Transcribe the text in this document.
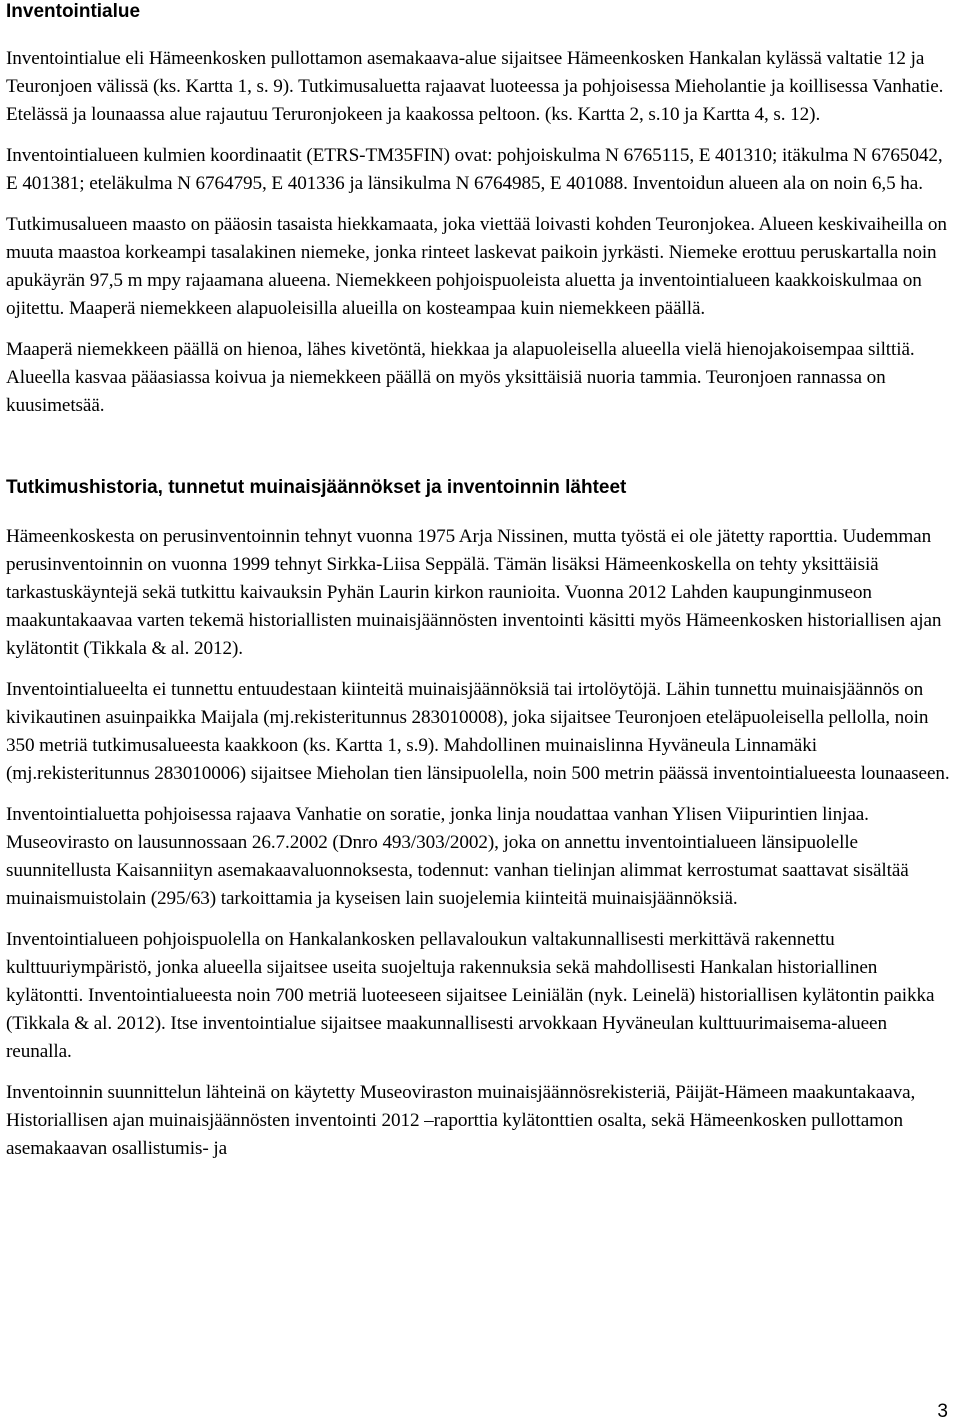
Inventointialue

Inventointialue eli Hämeenkosken pullottamon asemakaava-alue sijaitsee Hämeenkosken Hankalan kylässä valtatie 12 ja Teuronjoen välissä (ks. Kartta 1, s. 9). Tutkimusaluetta rajaavat luoteessa ja pohjoisessa Mieholantie ja koillisessa Vanhatie. Etelässä ja lounaassa alue rajautuu Teruronjokeen ja kaakossa peltoon. (ks. Kartta 2, s.10 ja Kartta 4, s. 12).

Inventointialueen kulmien koordinaatit (ETRS-TM35FIN) ovat: pohjoiskulma N 6765115, E 401310; itäkulma N 6765042, E 401381; eteläkulma N 6764795, E 401336 ja länsikulma N 6764985, E 401088. Inventoidun alueen ala on noin 6,5 ha.

Tutkimusalueen maasto on pääosin tasaista hiekkamaata, joka viettää loivasti kohden Teuronjokea. Alueen keskivaiheilla on muuta maastoa korkeampi tasalakinen niemeke, jonka rinteet laskevat paikoin jyrkästi. Niemeke erottuu peruskartalla noin apukäyrän 97,5 m mpy rajaamana alueena. Niemekkeen pohjoispuoleista aluetta ja inventointialueen kaakkoiskulmaa on ojitettu. Maaperä niemekkeen alapuoleisilla alueilla on kosteampaa kuin niemekkeen päällä.

Maaperä niemekkeen päällä on hienoa, lähes kivetöntä, hiekkaa ja alapuoleisella alueella vielä hienojakoisempaa silttiä. Alueella kasvaa pääasiassa koivua ja niemekkeen päällä on myös yksittäisiä nuoria tammia. Teuronjoen rannassa on kuusimetsää.

Tutkimushistoria, tunnetut muinaisjäännökset ja inventoinnin lähteet

Hämeenkoskesta on perusinventoinnin tehnyt vuonna 1975 Arja Nissinen, mutta työstä ei ole jätetty raporttia. Uudemman perusinventoinnin on vuonna 1999 tehnyt Sirkka-Liisa Seppälä. Tämän lisäksi Hämeenkoskella on tehty yksittäisiä tarkastuskäyntejä sekä tutkittu kaivauksin Pyhän Laurin kirkon raunioita. Vuonna 2012 Lahden kaupunginmuseon maakuntakaavaa varten tekemä historiallisten muinaisjäännösten inventointi käsitti myös Hämeenkosken historiallisen ajan kylätontit (Tikkala & al. 2012).

Inventointialueelta ei tunnettu entuudestaan kiinteitä muinaisjäännöksiä tai irtolöytöjä. Lähin tunnettu muinaisjäännös on kivikautinen asuinpaikka Maijala (mj.rekisteritunnus 283010008), joka sijaitsee Teuronjoen eteläpuoleisella pellolla, noin 350 metriä tutkimusalueesta kaakkoon (ks. Kartta 1, s.9). Mahdollinen muinaislinna Hyväneula Linnamäki (mj.rekisteritunnus 283010006) sijaitsee Mieholan tien länsipuolella, noin 500 metrin päässä inventointialueesta lounaaseen.

Inventointialuetta pohjoisessa rajaava Vanhatie on soratie, jonka linja noudattaa vanhan Ylisen Viipurintien linjaa. Museovirasto on lausunnossaan 26.7.2002 (Dnro 493/303/2002), joka on annettu inventointialueen länsipuolelle suunnitellusta Kaisanniityn asemakaavaluonnoksesta, todennut: vanhan tielinjan alimmat kerrostumat saattavat sisältää muinaismuistolain (295/63) tarkoittamia ja kyseisen lain suojelemia kiinteitä muinaisjäännöksiä.

Inventointialueen pohjoispuolella on Hankalankosken pellavaloukun valtakunnallisesti merkittävä rakennettu kulttuuriympäristö, jonka alueella sijaitsee useita suojeltuja rakennuksia sekä mahdollisesti Hankalan historiallinen kylätontti. Inventointialueesta noin 700 metriä luoteeseen sijaitsee Leiniälän (nyk. Leinelä) historiallisen kylätontin paikka (Tikkala & al. 2012). Itse inventointialue sijaitsee maakunnallisesti arvokkaan Hyväneulan kulttuurimaisema-alueen reunalla.

Inventoinnin suunnittelun lähteinä on käytetty Museoviraston muinaisjäännösrekisteriä, Päijät-Hämeen maakuntakaava, Historiallisen ajan muinaisjäännösten inventointi 2012 –raporttia kylätonttien osalta, sekä Hämeenkosken pullottamon asemakaavan osallistumis- ja

3
